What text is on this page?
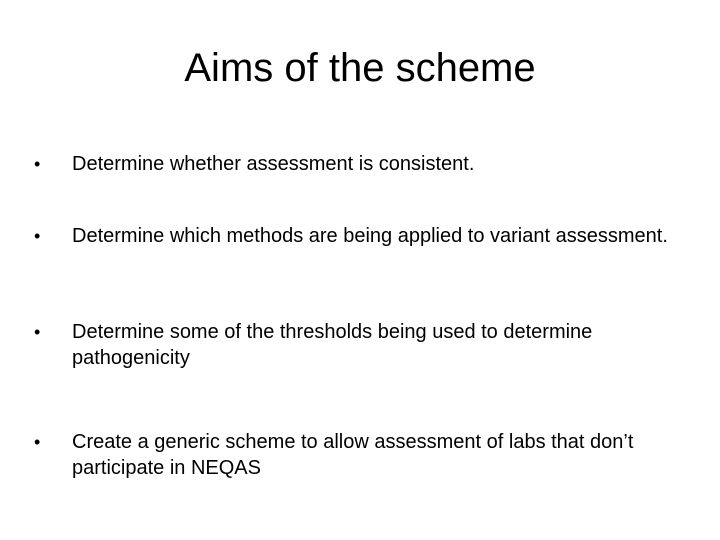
Aims of the scheme
•	Determine whether assessment is consistent.
•	Determine which methods are being applied to variant assessment.
•	Determine some of the thresholds being used to determine pathogenicity
•	Create a generic scheme to allow assessment of labs that don’t participate in NEQAS
